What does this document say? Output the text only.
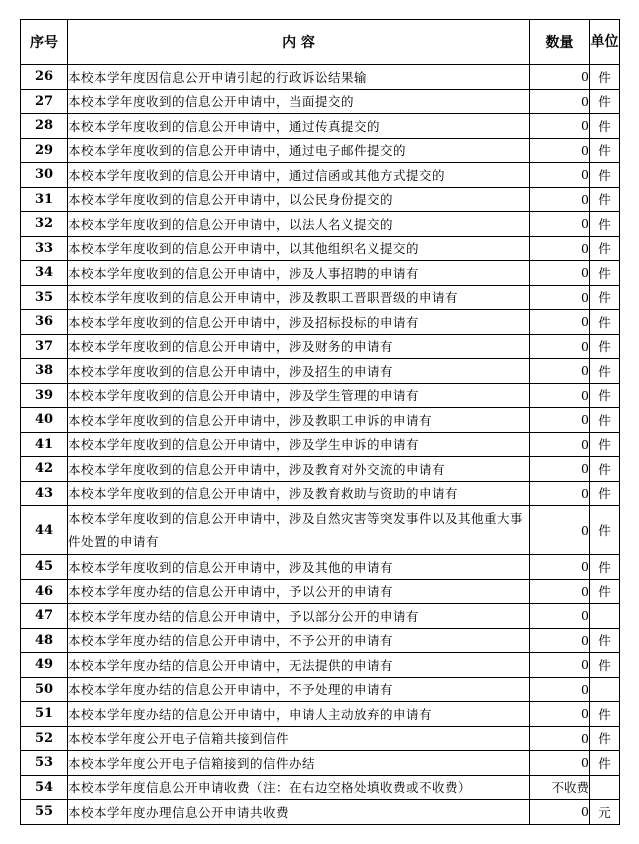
序号	内 容	数量	单位
26	本校本学年度因信息公开申请引起的行政诉讼结果输	0	件
27	本校本学年度收到的信息公开申请中，当面提交的	0	件
28	本校本学年度收到的信息公开申请中，通过传真提交的	0	件
29	本校本学年度收到的信息公开申请中，通过电子邮件提交的	0	件
30	本校本学年度收到的信息公开申请中，通过信函或其他方式提交的	0	件
31	本校本学年度收到的信息公开申请中，以公民身份提交的	0	件
32	本校本学年度收到的信息公开申请中，以法人名义提交的	0	件
33	本校本学年度收到的信息公开申请中，以其他组织名义提交的	0	件
34	本校本学年度收到的信息公开申请中，涉及人事招聘的申请有	0	件
35	本校本学年度收到的信息公开申请中，涉及教职工晋职晋级的申请有	0	件
36	本校本学年度收到的信息公开申请中，涉及招标投标的申请有	0	件
37	本校本学年度收到的信息公开申请中，涉及财务的申请有	0	件
38	本校本学年度收到的信息公开申请中，涉及招生的申请有	0	件
39	本校本学年度收到的信息公开申请中，涉及学生管理的申请有	0	件
40	本校本学年度收到的信息公开申请中，涉及教职工申诉的申请有	0	件
41	本校本学年度收到的信息公开申请中，涉及学生申诉的申请有	0	件
42	本校本学年度收到的信息公开申请中，涉及教育对外交流的申请有	0	件
43	本校本学年度收到的信息公开申请中，涉及教育救助与资助的申请有	0	件
44	本校本学年度收到的信息公开申请中，涉及自然灾害等突发事件以及其他重大事件处置的申请有	0	件
45	本校本学年度收到的信息公开申请中，涉及其他的申请有	0	件
46	本校本学年度办结的信息公开申请中，予以公开的申请有	0	件
47	本校本学年度办结的信息公开申请中，予以部分公开的申请有	0	
48	本校本学年度办结的信息公开申请中，不予公开的申请有	0	件
49	本校本学年度办结的信息公开申请中，无法提供的申请有	0	件
50	本校本学年度办结的信息公开申请中，不予处理的申请有	0	
51	本校本学年度办结的信息公开申请中，申请人主动放弃的申请有	0	件
52	本校本学年度公开电子信箱共接到信件	0	件
53	本校本学年度公开电子信箱接到的信件办结	0	件
54	本校本学年度信息公开申请收费（注：在右边空格处填收费或不收费）	不收费	
55	本校本学年度办理信息公开申请共收费	0	元
